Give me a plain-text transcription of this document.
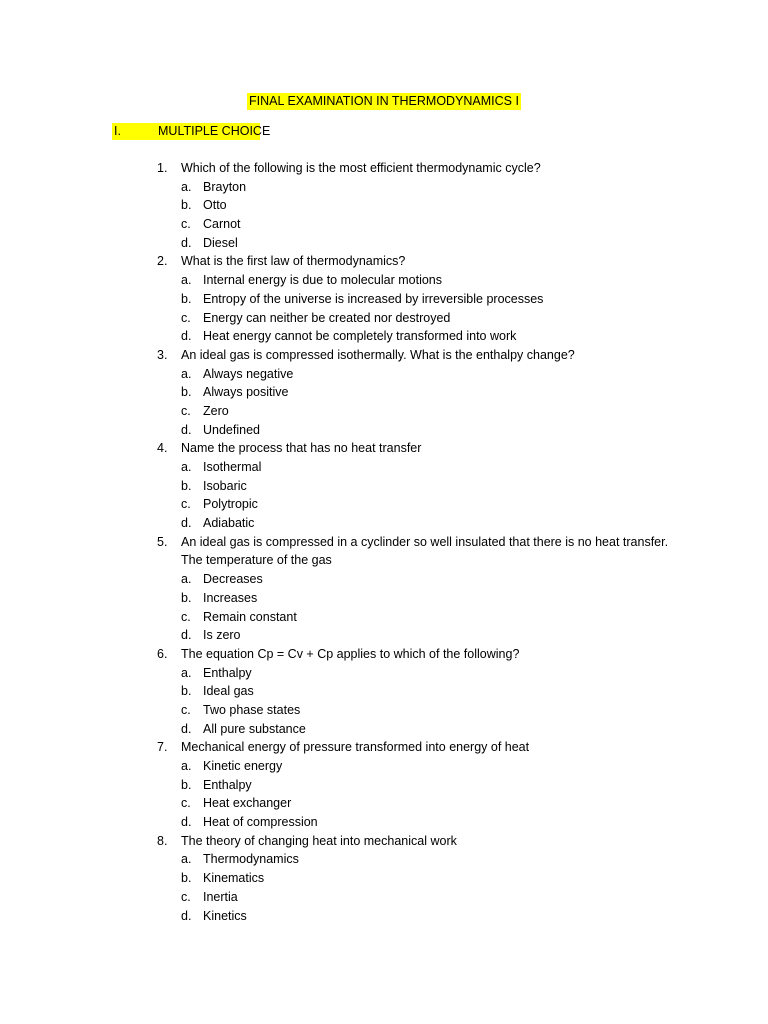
FINAL EXAMINATION IN THERMODYNAMICS I
I.	MULTIPLE CHOICE
1. Which of the following is the most efficient thermodynamic cycle?
a. Brayton
b. Otto
c. Carnot
d. Diesel
2. What is the first law of thermodynamics?
a. Internal energy is due to molecular motions
b. Entropy of the universe is increased by irreversible processes
c. Energy can neither be created nor destroyed
d. Heat energy cannot be completely transformed into work
3. An ideal gas is compressed isothermally. What is the enthalpy change?
a. Always negative
b. Always positive
c. Zero
d. Undefined
4. Name the process that has no heat transfer
a. Isothermal
b. Isobaric
c. Polytropic
d. Adiabatic
5. An ideal gas is compressed in a cyclinder so well insulated that there is no heat transfer.
The temperature of the gas
a. Decreases
b. Increases
c. Remain constant
d. Is zero
6. The equation Cp = Cv + Cp applies to which of the following?
a. Enthalpy
b. Ideal gas
c. Two phase states
d. All pure substance
7. Mechanical energy of pressure transformed into energy of heat
a. Kinetic energy
b. Enthalpy
c. Heat exchanger
d. Heat of compression
8. The theory of changing heat into mechanical work
a. Thermodynamics
b. Kinematics
c. Inertia
d. Kinetics
